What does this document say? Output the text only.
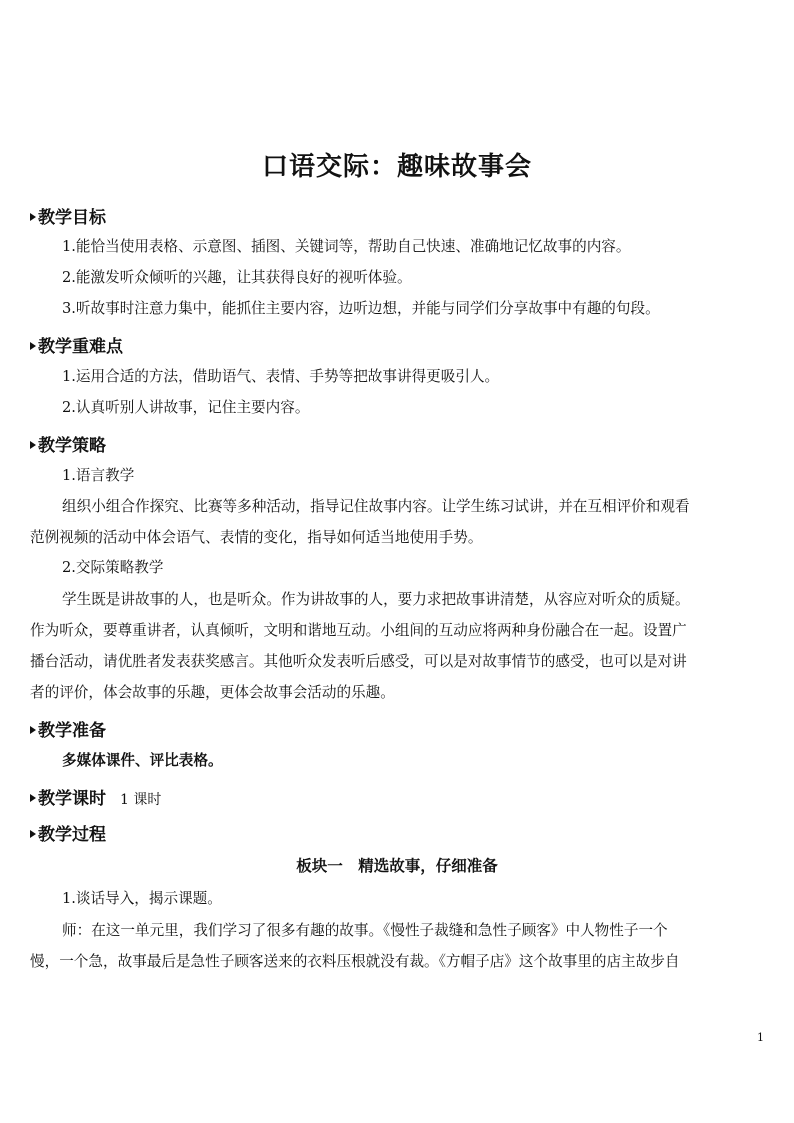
口语交际：趣味故事会
教学目标
1.能恰当使用表格、示意图、插图、关键词等，帮助自己快速、准确地记忆故事的内容。
2.能激发听众倾听的兴趣，让其获得良好的视听体验。
3.听故事时注意力集中，能抓住主要内容，边听边想，并能与同学们分享故事中有趣的句段。
教学重难点
1.运用合适的方法，借助语气、表情、手势等把故事讲得更吸引人。
2.认真听别人讲故事，记住主要内容。
教学策略
1.语言教学
组织小组合作探究、比赛等多种活动，指导记住故事内容。让学生练习试讲，并在互相评价和观看
范例视频的活动中体会语气、表情的变化，指导如何适当地使用手势。
2.交际策略教学
学生既是讲故事的人，也是听众。作为讲故事的人，要力求把故事讲清楚，从容应对听众的质疑。
作为听众，要尊重讲者，认真倾听，文明和谐地互动。小组间的互动应将两种身份融合在一起。设置广
播台活动，请优胜者发表获奖感言。其他听众发表听后感受，可以是对故事情节的感受，也可以是对讲
者的评价，体会故事的乐趣，更体会故事会活动的乐趣。
教学准备
多媒体课件、评比表格。
教学课时 1 课时
教学过程
板块一　精选故事，仔细准备
1.谈话导入，揭示课题。
师：在这一单元里，我们学习了很多有趣的故事。《慢性子裁缝和急性子顾客》中人物性子一个
慢，一个急，故事最后是急性子顾客送来的衣料压根就没有裁。《方帽子店》这个故事里的店主故步自
1
